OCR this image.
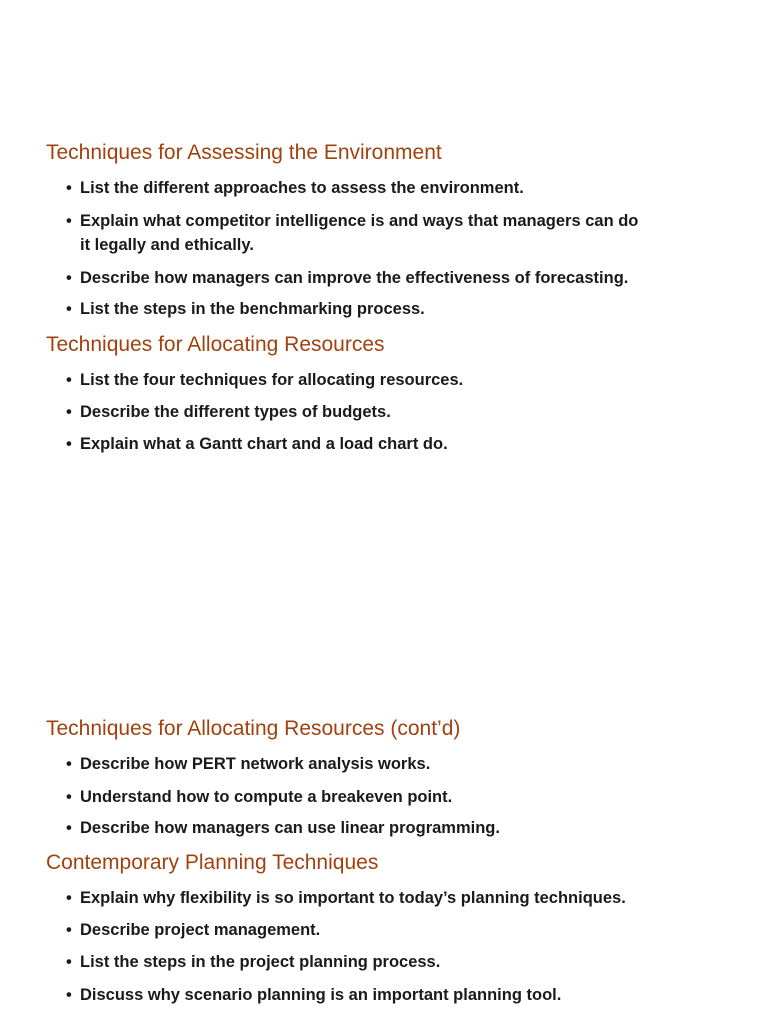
Techniques for Assessing the Environment

• List the different approaches to assess the environment.

• Explain what competitor intelligence is and ways that managers can do
it legally and ethically.

• Describe how managers can improve the effectiveness of forecasting.

• List the steps in the benchmarking process.

Techniques for Allocating Resources

• List the four techniques for allocating resources.

• Describe the different types of budgets.

• Explain what a Gantt chart and a load chart do.

Techniques for Allocating Resources (cont’d)

• Describe how PERT network analysis works.

• Understand how to compute a breakeven point.

• Describe how managers can use linear programming.

Contemporary Planning Techniques

• Explain why flexibility is so important to today’s planning techniques.

• Describe project management.

• List the steps in the project planning process.

• Discuss why scenario planning is an important planning tool.
